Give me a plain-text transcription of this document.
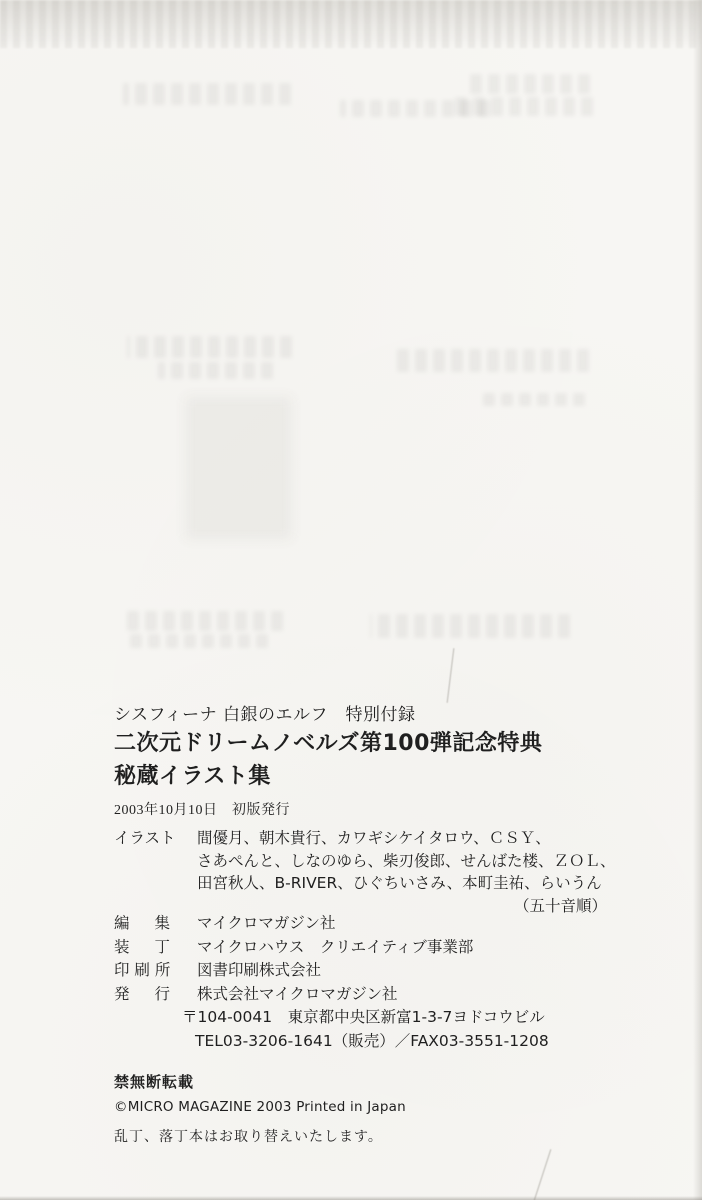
シスフィーナ 白銀のエルフ　特別付録
二次元ドリームノベルズ第100弾記念特典
秘蔵イラスト集
2003年10月10日　初版発行
イラスト	間優月、朝木貴行、カワギシケイタロウ、ＣＳＹ、
さあぺんと、しなのゆら、柴刃俊郎、せんばた楼、ＺＯＬ、
田宮秋人、B-RIVER、ひぐちいさみ、本町圭祐、らいうん
（五十音順）
編　集 マイクロマガジン社
装　丁 マイクロハウス　クリエイティブ事業部
印 刷 所 図書印刷株式会社
発　行 株式会社マイクロマガジン社
〒104-0041　東京都中央区新富1-3-7ヨドコウビル
TEL03-3206-1641（販売）／FAX03-3551-1208
禁無断転載
©MICRO MAGAZINE 2003 Printed in Japan
乱丁、落丁本はお取り替えいたします。
